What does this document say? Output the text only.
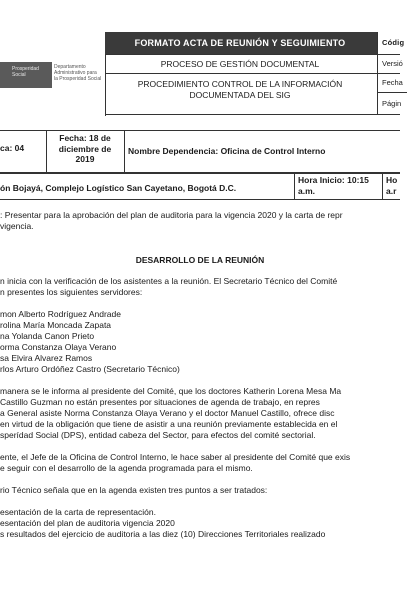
Prosperidad
Social
Departamento Administrativo para la Prosperidad Social
FORMATO ACTA DE REUNIÓN Y SEGUIMIENTO	Códig
PROCESO DE GESTIÓN DOCUMENTAL	Versió
PROCEDIMIENTO CONTROL DE LA INFORMACIÓN
DOCUMENTADA DEL SIG
Fecha
Págin
ca: 04
Fecha: 18 de
diciembre de
2019
Nombre Dependencia: Oficina de Control Interno
ón Bojayá, Complejo Logístico San Cayetano, Bogotá D.C.
Hora Inicio: 10:15
a.m.
Ho
a.r
: Presentar para la aprobación del plan de auditoria para la vigencia 2020 y la carta de repr
vigencia.
DESARROLLO DE LA REUNIÓN

n inicia con la verificación de los asistentes a la reunión. El Secretario Técnico del Comité

n presentes los siguientes servidores:

mon Alberto Rodríguez Andrade

rolina María Moncada Zapata

na Yolanda Canon Prieto

orma Constanza Olaya Verano

sa Elvira Alvarez Ramos

rlos Arturo Ordóñez Castro (Secretario Técnico)

manera se le informa al presidente del Comité, que los doctores Katherin Lorena Mesa Ma

Castillo Guzman no están presentes por situaciones de agenda de trabajo, en repres

a General asiste Norma Constanza Olaya Verano y el doctor Manuel Castillo, ofrece disc

en virtud de la obligación que tiene de asistir a una reunión previamente establecida en el

sperídad Social (DPS), entidad cabeza del Sector, para efectos del comité sectorial.

ente, el Jefe de la Oficina de Control Interno, le hace saber al presidente del Comité que exis

e seguir con el desarrollo de la agenda programada para el mismo.

rio Técnico señala que en la agenda existen tres puntos a ser tratados:

esentación de la carta de representación.

esentación del plan de auditoria vigencia 2020

s resultados del ejercicio de auditoria a las diez (10) Direcciones Territoriales realizado
